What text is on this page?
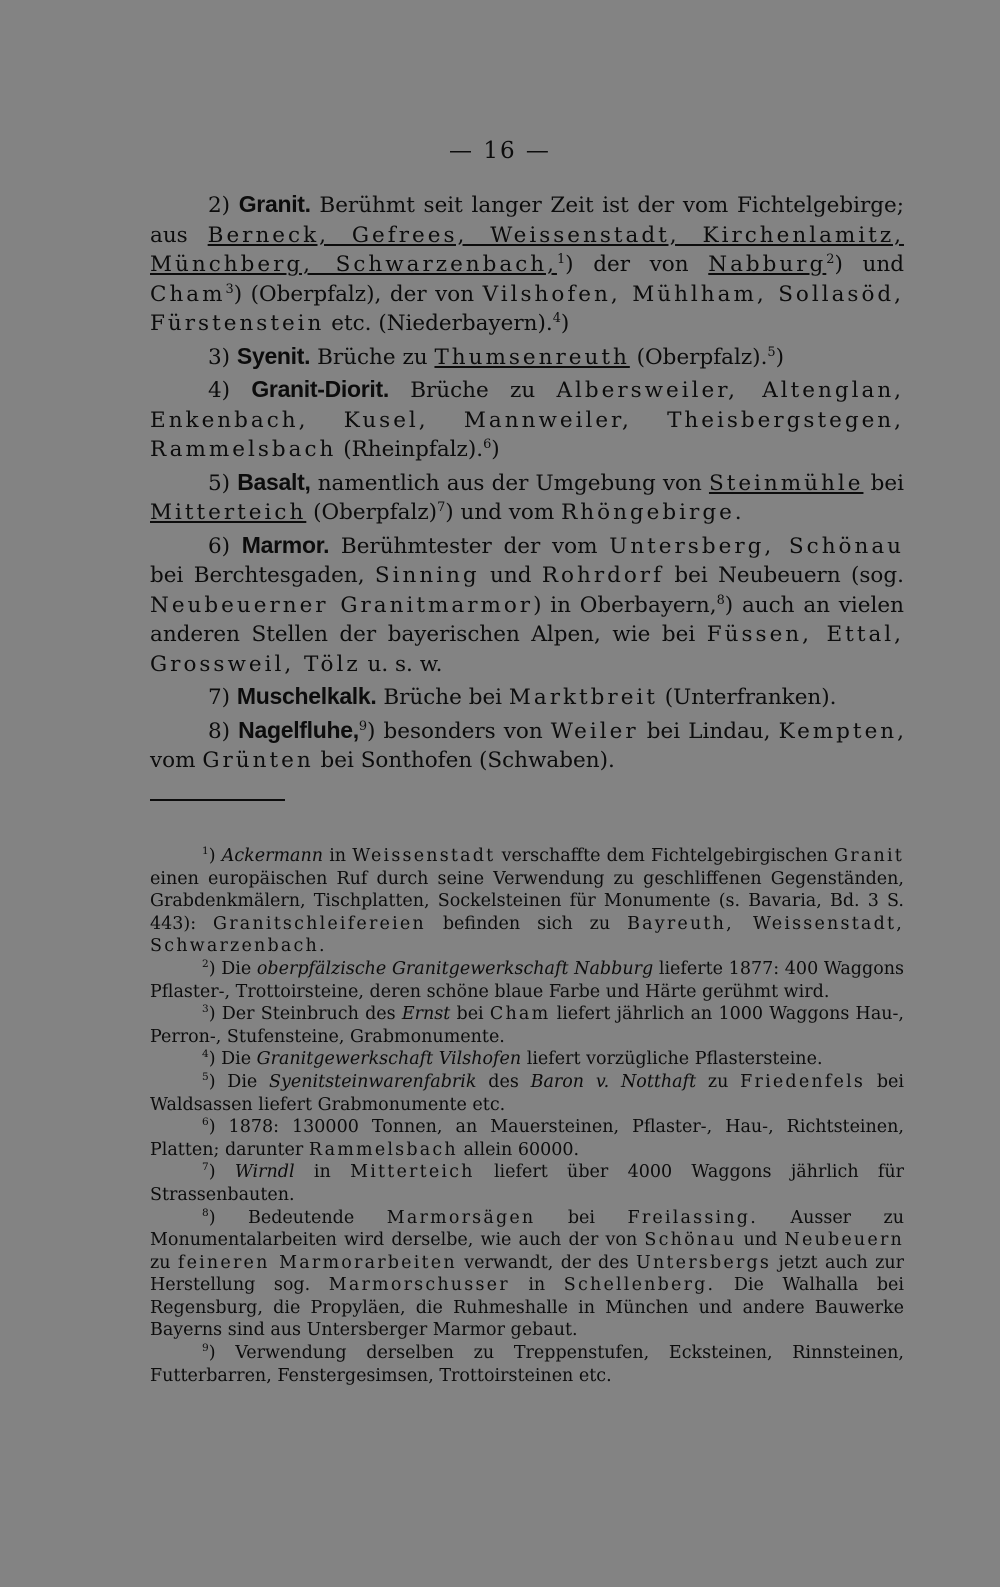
— 16 —

2) Granit. Berühmt seit langer Zeit ist der vom Fichtelgebirge; aus Berneck, Gefrees, Weissenstadt, Kirchenlamitz, Münchberg, Schwarzenbach,$^1$) der von Nabburg$^2$) und Cham$^3$) (Oberpfalz), der von Vilshofen, Mühlham, Sollasöd, Fürstenstein etc. (Niederbayern).$^4$)

3) Syenit. Brüche zu Thumsenreuth (Oberpfalz).$^5$)

4) Granit-Diorit. Brüche zu Albersweiler, Altenglan, Enkenbach, Kusel, Mannweiler, Theisbergstegen, Rammelsbach (Rheinpfalz).$^6$)

5) Basalt, namentlich aus der Umgebung von Steinmühle bei Mitterteich (Oberpfalz)$^7$) und vom Rhöngebirge.

6) Marmor. Berühmtester der vom Untersberg, Schönau bei Berchtesgaden, Sinning und Rohrdorf bei Neubeuern (sog. Neubeuerner Granitmarmor) in Oberbayern,$^8$) auch an vielen anderen Stellen der bayerischen Alpen, wie bei Füssen, Ettal, Grossweil, Tölz u. s. w.

7) Muschelkalk. Brüche bei Marktbreit (Unterfranken).

8) Nagelfluhe,$^9$) besonders von Weiler bei Lindau, Kempten, vom Grünten bei Sonthofen (Schwaben).

$^1$) Ackermann in Weissenstadt verschaffte dem Fichtelgebirgischen Granit einen europäischen Ruf durch seine Verwendung zu geschliffenen Gegenständen, Grabdenkmälern, Tischplatten, Sockelsteinen für Monumente (s. Bavaria, Bd. 3 S. 443): Granitschleifereien befinden sich zu Bayreuth, Weissenstadt, Schwarzenbach.

$^2$) Die oberpfälzische Granitgewerkschaft Nabburg lieferte 1877: 400 Waggons Pflaster-, Trottoirsteine, deren schöne blaue Farbe und Härte gerühmt wird.

$^3$) Der Steinbruch des Ernst bei Cham liefert jährlich an 1000 Waggons Hau-, Perron-, Stufensteine, Grabmonumente.

$^4$) Die Granitgewerkschaft Vilshofen liefert vorzügliche Pflastersteine.

$^5$) Die Syenitsteinwarenfabrik des Baron v. Notthaft zu Friedenfels bei Waldsassen liefert Grabmonumente etc.

$^6$) 1878: 130000 Tonnen, an Mauersteinen, Pflaster-, Hau-, Richtsteinen, Platten; darunter Rammelsbach allein 60000.

$^7$) Wirndl in Mitterteich liefert über 4000 Waggons jährlich für Strassenbauten.

$^8$) Bedeutende Marmorsägen bei Freilassing. Ausser zu Monumentalarbeiten wird derselbe, wie auch der von Schönau und Neubeuern zu feineren Marmorarbeiten verwandt, der des Untersbergs jetzt auch zur Herstellung sog. Marmorschusser in Schellenberg. Die Walhalla bei Regensburg, die Propyläen, die Ruhmeshalle in München und andere Bauwerke Bayerns sind aus Untersberger Marmor gebaut.

$^9$) Verwendung derselben zu Treppenstufen, Ecksteinen, Rinnsteinen, Futterbarren, Fenstergesimsen, Trottoirsteinen etc.
